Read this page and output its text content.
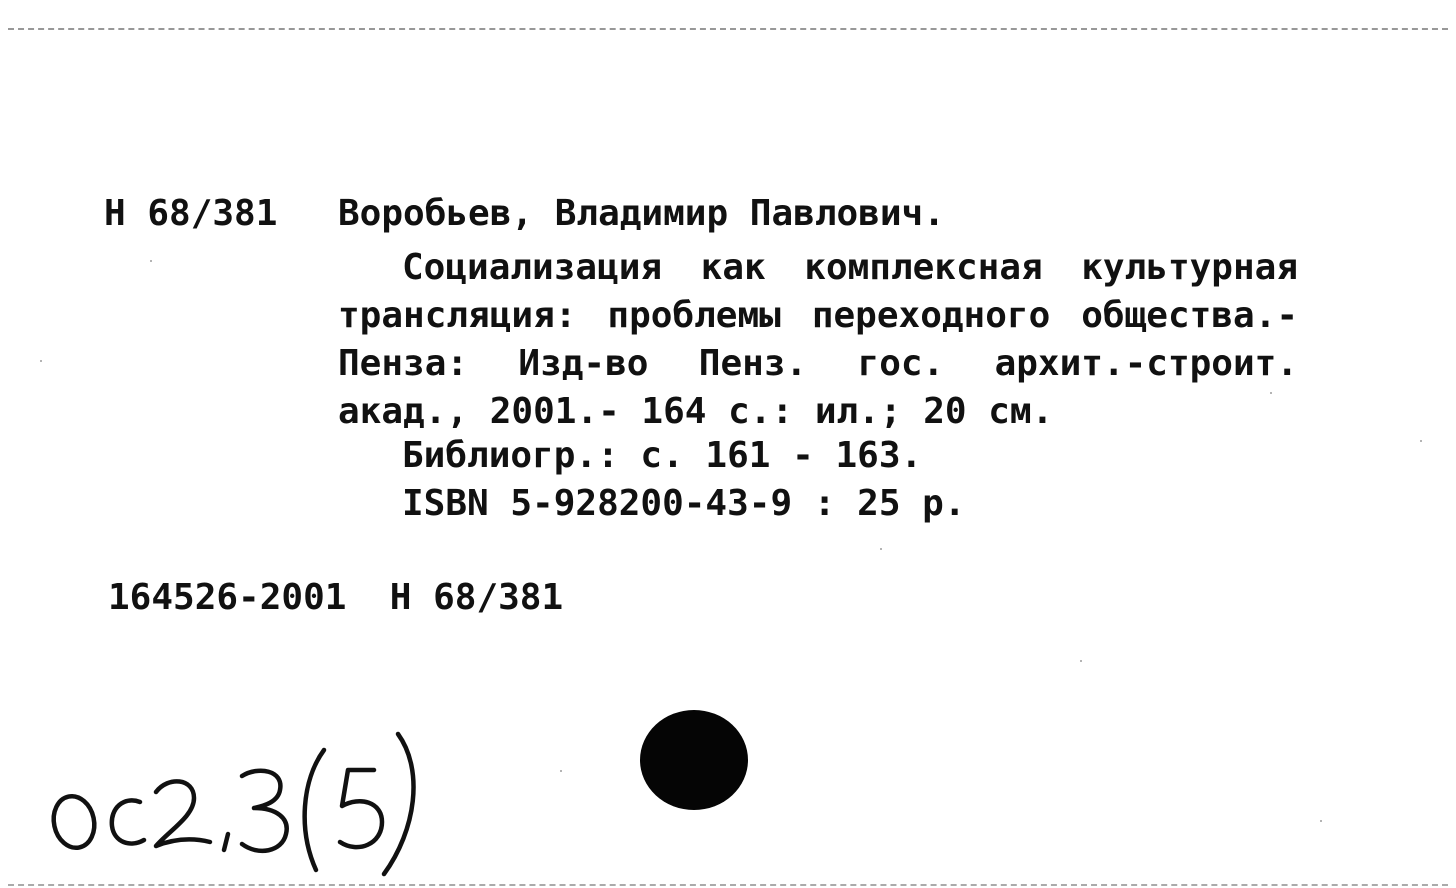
Н 68/381 Воробьев, Владимир Павлович.
Социализация как комплексная культурная
трансляция: проблемы переходного общества.-
Пенза: Изд-во Пенз. гос. архит.-строит.
акад., 2001.- 164 с.: ил.; 20 см.
Библиогр.: с. 161 - 163.
ISBN 5-928200-43-9 : 25 р.
164526-2001  Н 68/381
